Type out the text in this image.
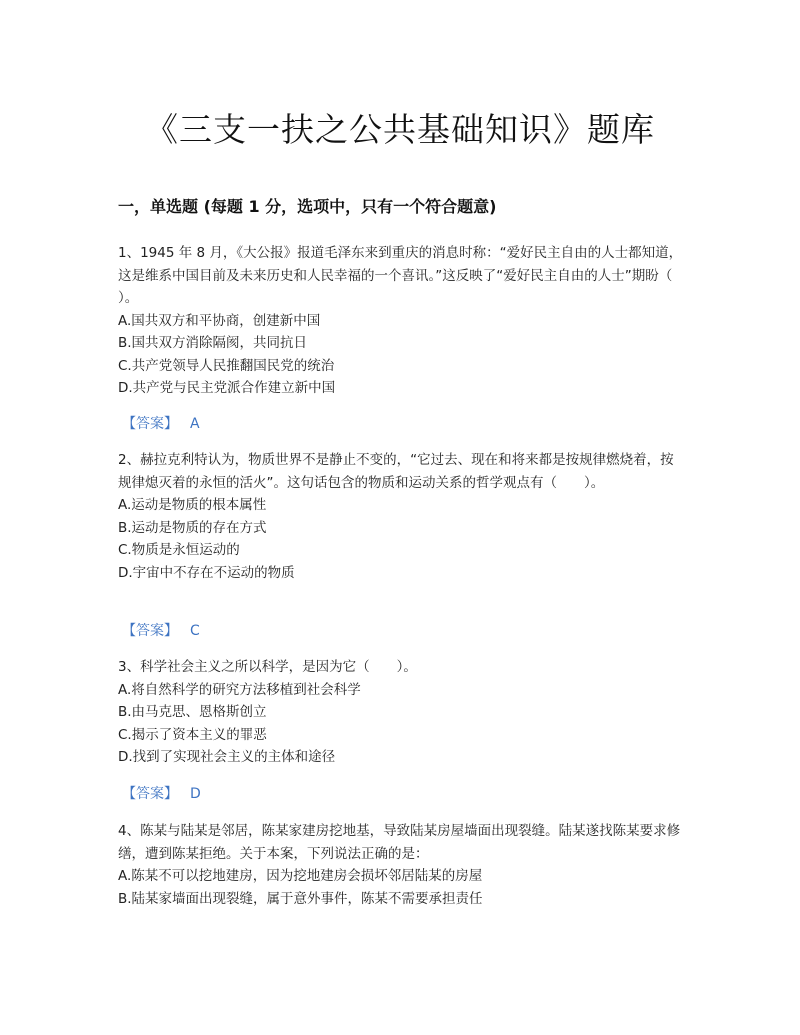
《三支一扶之公共基础知识》题库
一，单选题 (每题 1 分，选项中，只有一个符合题意)

1、1945 年 8 月，《大公报》报道毛泽东来到重庆的消息时称：“爱好民主自由的人士都知道，这是维系中国目前及未来历史和人民幸福的一个喜讯。”这反映了“爱好民主自由的人士”期盼（　　）。

A.国共双方和平协商，创建新中国

B.国共双方消除隔阂，共同抗日

C.共产党领导人民推翻国民党的统治

D.共产党与民主党派合作建立新中国

【答案】 A

2、赫拉克利特认为，物质世界不是静止不变的，“它过去、现在和将来都是按规律燃烧着，按规律熄灭着的永恒的活火”。这句话包含的物质和运动关系的哲学观点有（　　）。

A.运动是物质的根本属性

B.运动是物质的存在方式

C.物质是永恒运动的

D.宇宙中不存在不运动的物质

【答案】 C

3、科学社会主义之所以科学，是因为它（　　）。

A.将自然科学的研究方法移植到社会科学

B.由马克思、恩格斯创立

C.揭示了资本主义的罪恶

D.找到了实现社会主义的主体和途径

【答案】 D

4、陈某与陆某是邻居，陈某家建房挖地基，导致陆某房屋墙面出现裂缝。陆某遂找陈某要求修缮，遭到陈某拒绝。关于本案，下列说法正确的是：

A.陈某不可以挖地建房，因为挖地建房会损坏邻居陆某的房屋

B.陆某家墙面出现裂缝，属于意外事件，陈某不需要承担责任
